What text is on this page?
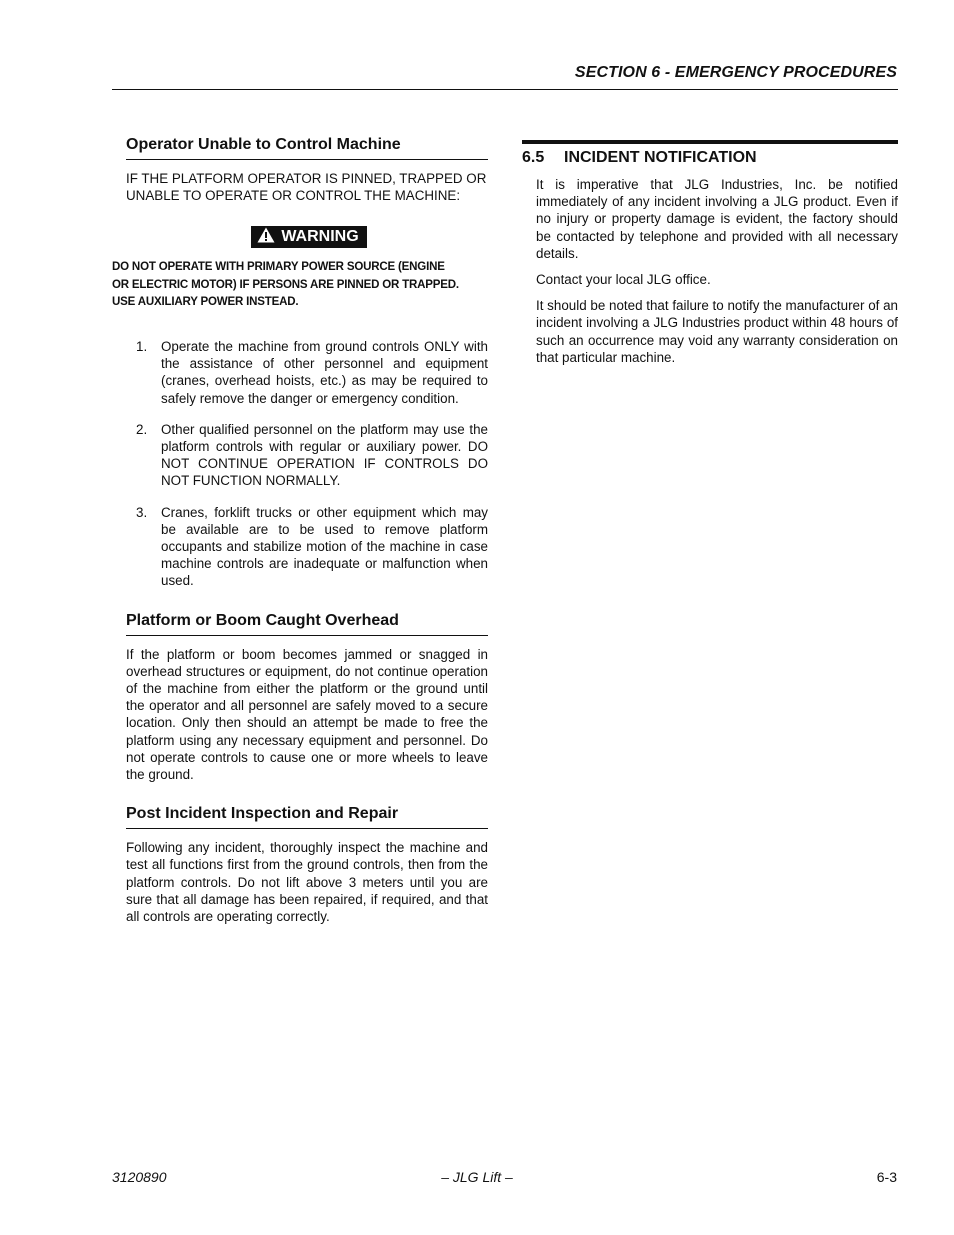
SECTION 6 - EMERGENCY PROCEDURES
Operator Unable to Control Machine

IF THE PLATFORM OPERATOR IS PINNED, TRAPPED OR UNABLE TO OPERATE OR CONTROL THE MACHINE:

WARNING

DO NOT OPERATE WITH PRIMARY POWER SOURCE (ENGINE OR ELECTRIC MOTOR) IF PERSONS ARE PINNED OR TRAPPED. USE AUXILIARY POWER INSTEAD.

1. Operate the machine from ground controls ONLY with the assistance of other personnel and equipment (cranes, overhead hoists, etc.) as may be required to safely remove the danger or emergency condition.
2. Other qualified personnel on the platform may use the platform controls with regular or auxiliary power. DO NOT CONTINUE OPERATION IF CONTROLS DO NOT FUNCTION NORMALLY.
3. Cranes, forklift trucks or other equipment which may be available are to be used to remove platform occupants and stabilize motion of the machine in case machine controls are inadequate or malfunction when used.
Platform or Boom Caught Overhead

If the platform or boom becomes jammed or snagged in overhead structures or equipment, do not continue operation of the machine from either the platform or the ground until the operator and all personnel are safely moved to a secure location. Only then should an attempt be made to free the platform using any necessary equipment and personnel. Do not operate controls to cause one or more wheels to leave the ground.

Post Incident Inspection and Repair

Following any incident, thoroughly inspect the machine and test all functions first from the ground controls, then from the platform controls. Do not lift above 3 meters until you are sure that all damage has been repaired, if required, and that all controls are operating correctly.

6.5 INCIDENT NOTIFICATION

It is imperative that JLG Industries, Inc. be notified immediately of any incident involving a JLG product. Even if no injury or property damage is evident, the factory should be contacted by telephone and provided with all necessary details.

Contact your local JLG office.

It should be noted that failure to notify the manufacturer of an incident involving a JLG Industries product within 48 hours of such an occurrence may void any warranty consideration on that particular machine.

– JLG Lift –
3120890	6-3
